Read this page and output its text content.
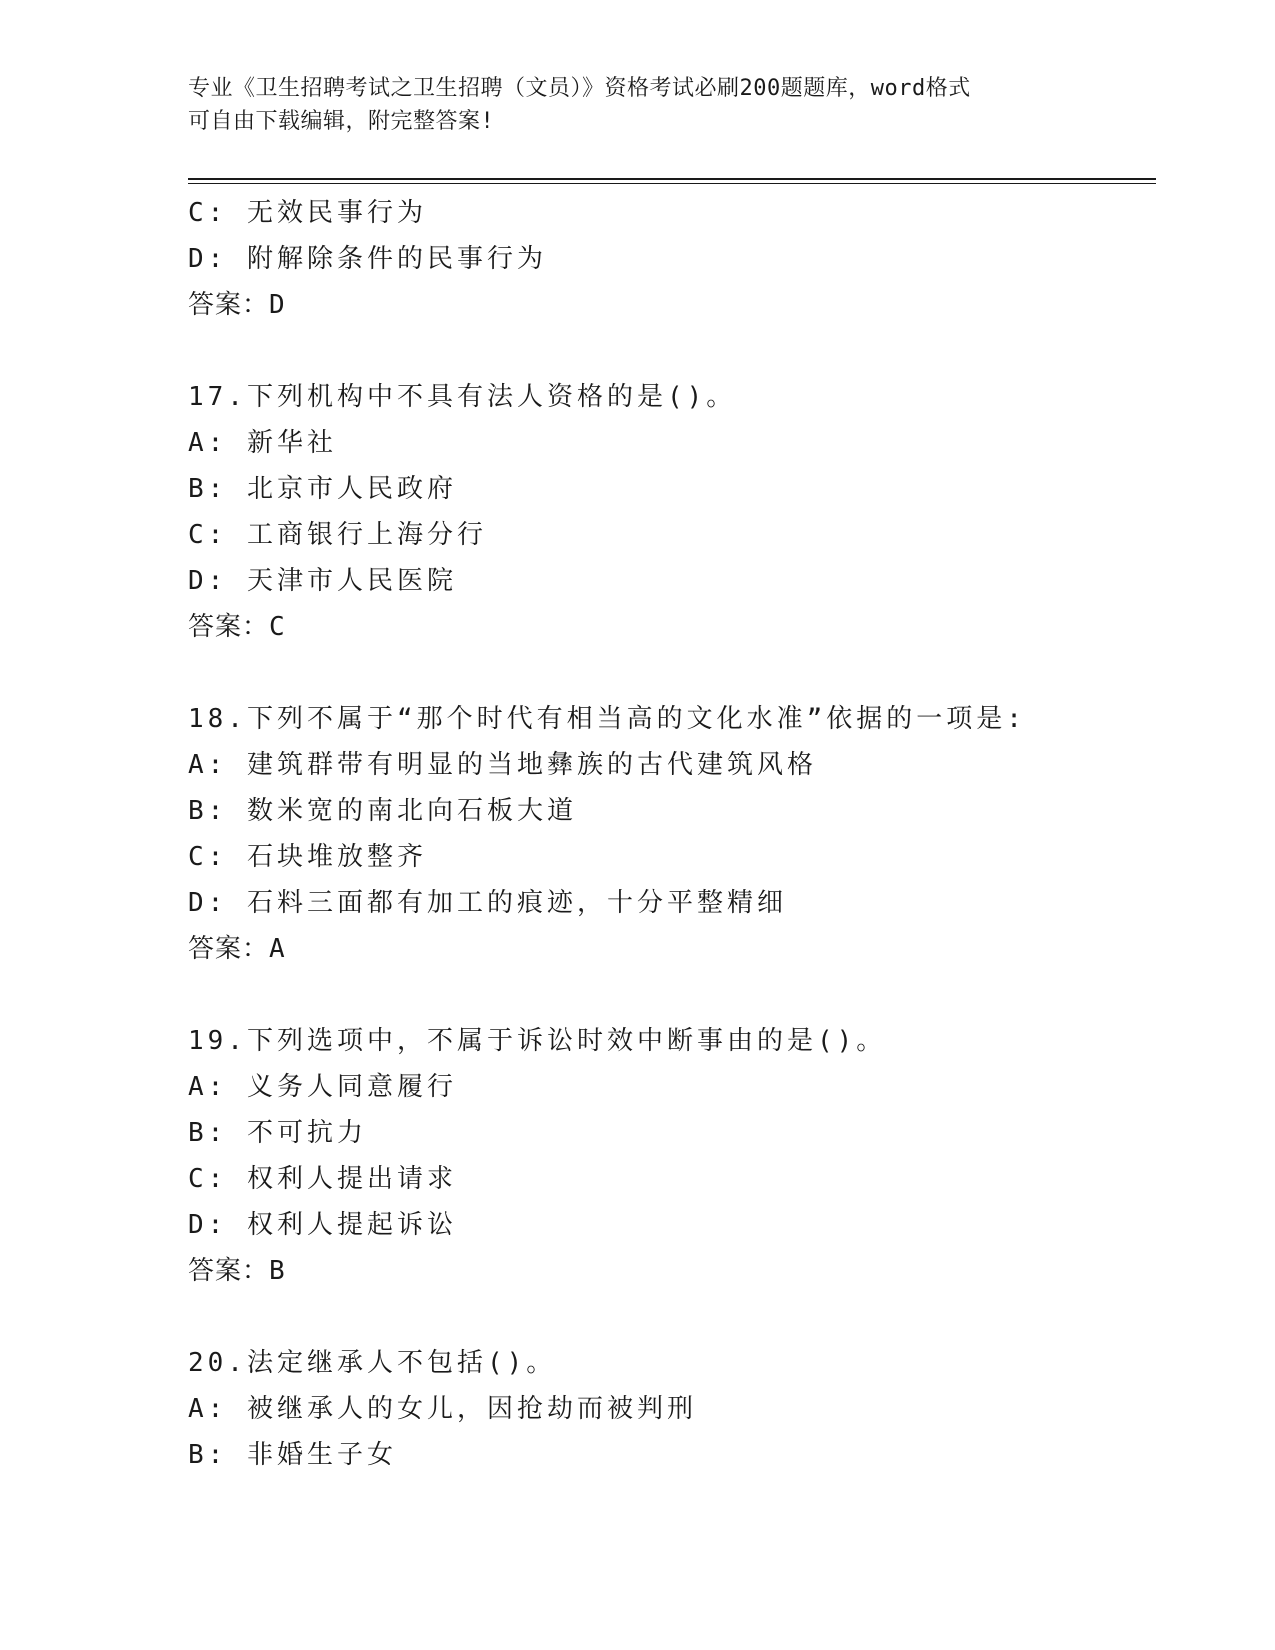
专业《卫生招聘考试之卫生招聘（文员）》资格考试必刷200题题库，word格式
可自由下载编辑，附完整答案!
C: 无效民事行为
D: 附解除条件的民事行为
答案：D
17.下列机构中不具有法人资格的是()。
A: 新华社
B: 北京市人民政府
C: 工商银行上海分行
D: 天津市人民医院
答案：C
18.下列不属于“那个时代有相当高的文化水准”依据的一项是:
A: 建筑群带有明显的当地彝族的古代建筑风格
B: 数米宽的南北向石板大道
C: 石块堆放整齐
D: 石料三面都有加工的痕迹，十分平整精细
答案：A
19.下列选项中，不属于诉讼时效中断事由的是()。
A: 义务人同意履行
B: 不可抗力
C: 权利人提出请求
D: 权利人提起诉讼
答案：B
20.法定继承人不包括()。
A: 被继承人的女儿，因抢劫而被判刑
B: 非婚生子女
